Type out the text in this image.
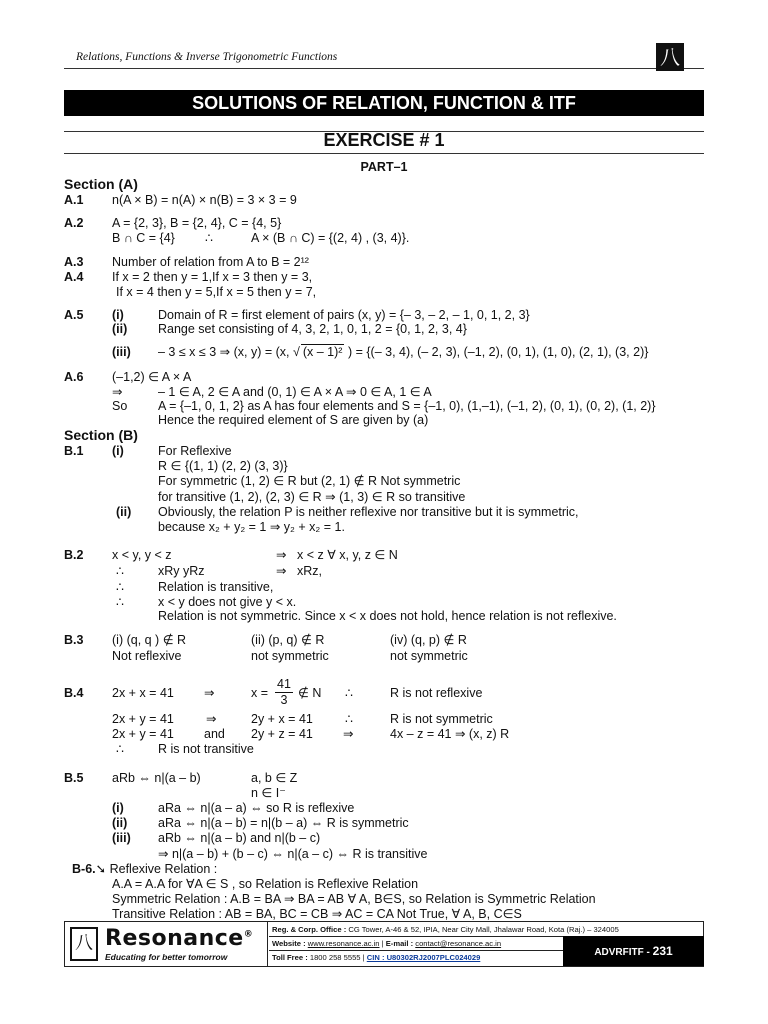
Relations, Functions & Inverse Trigonometric Functions	八
SOLUTIONS OF RELATION, FUNCTION & ITF
EXERCISE # 1
PART–1
Section (A)
A.1 n(A × B) = n(A) × n(B) = 3 × 3 = 9
A.2 A = {2, 3}, B = {2, 4}, C = {4, 5}
B ∩ C = {4} ∴	A × (B ∩ C) = {(2, 4) , (3, 4)}.
A.3 Number of relation from A to B = 2¹²
A.4 If x = 2 then y = 1,If x = 3 then y = 3,
If x = 4 then y = 5,If x = 5 then y = 7,
A.5 (i)	Domain of R = first element of pairs (x, y) = {– 3, – 2, – 1, 0, 1, 2, 3}
(ii) Range set consisting of 4, 3, 2, 1, 0, 1, 2 = {0, 1, 2, 3, 4}
(iii) – 3 ≤ x ≤ 3 ⇒ (x, y) = (x, √ (x – 1)² ) = {(– 3, 4), (– 2, 3), (–1, 2), (0, 1), (1, 0), (2, 1), (3, 2)}
A.6 (–1,2) ∈ A × A
⇒	– 1 ∈ A, 2 ∈ A and (0, 1) ∈ A × A ⇒ 0 ∈ A, 1 ∈ A
So A = {–1, 0, 1, 2} as A has four elements and S = {–1, 0), (1,–1), (–1, 2), (0, 1), (0, 2), (1, 2)}
Hence the required element of S are given by (a)
Section (B)
B.1 (i)	For Reflexive
R ∈ {(1, 1) (2, 2) (3, 3)}
For symmetric (1, 2) ∈ R but (2, 1) ∉ R Not symmetric
for transitive (1, 2), (2, 3) ∈ R ⇒ (1, 3) ∈ R so transitive
(ii) Obviously, the relation P is neither reflexive nor transitive but it is symmetric,
because x₂ + y₂ = 1 ⇒ y₂ + x₂ = 1.
B.2 x < y, y < z	⇒ x < z ∀ x, y, z ∈ N
∴	xRy yRz	⇒ xRz,
∴	Relation is transitive,
∴	x < y does not give y < x.
Relation is not symmetric. Since x < x does not hold, hence relation is not reflexive.
B.3 (i) (q, q ) ∉ R	(ii) (p, q) ∉ R	(iv) (q, p) ∉ R
Not reflexive	not symmetric	not symmetric
B.4 2x + x = 41 ⇒	$x = \frac{41}{3}$ ∉ N ∴	R is not reflexive
2x + y = 41	⇒	2y + x = 41	∴	R is not symmetric
2x + y = 41 and 2y + z = 41 ⇒	4x – z = 41 ⇒ (x, z) R
∴	R is not transitive
B.5 aRb ⇔ n|(a – b)	a, b ∈ Z
n ∈ I⁻
(i)	aRa ⇔ n|(a – a) ⇔ so R is reflexive
(ii) aRa ⇔ n|(a – b) = n|(b – a) ⇔ R is symmetric
(iii) aRb ⇔ n|(a – b) and n|(b – c)
⇒ n|(a – b) + (b – c) ⇔ n|(a – c) ⇔ R is transitive
B-6.➘ Reflexive Relation :
A.A = A.A for ∀A ∈ S , so Relation is Reflexive Relation
Symmetric Relation : A.B = BA ⇒ BA = AB ∀ A, B∈S, so Relation is Symmetric Relation
Transitive Relation : AB = BA, BC = CB ⇒ AC = CA Not True, ∀ A, B, C∈S
八 Resonance®
Educating for better tomorrow
Reg. & Corp. Office : CG Tower, A-46 & 52, IPIA, Near City Mall, Jhalawar Road, Kota (Raj.) – 324005
Website : www.resonance.ac.in | E-mail : contact@resonance.ac.in
Toll Free : 1800 258 5555 | CIN : U80302RJ2007PLC024029	ADVRFITF - 231
